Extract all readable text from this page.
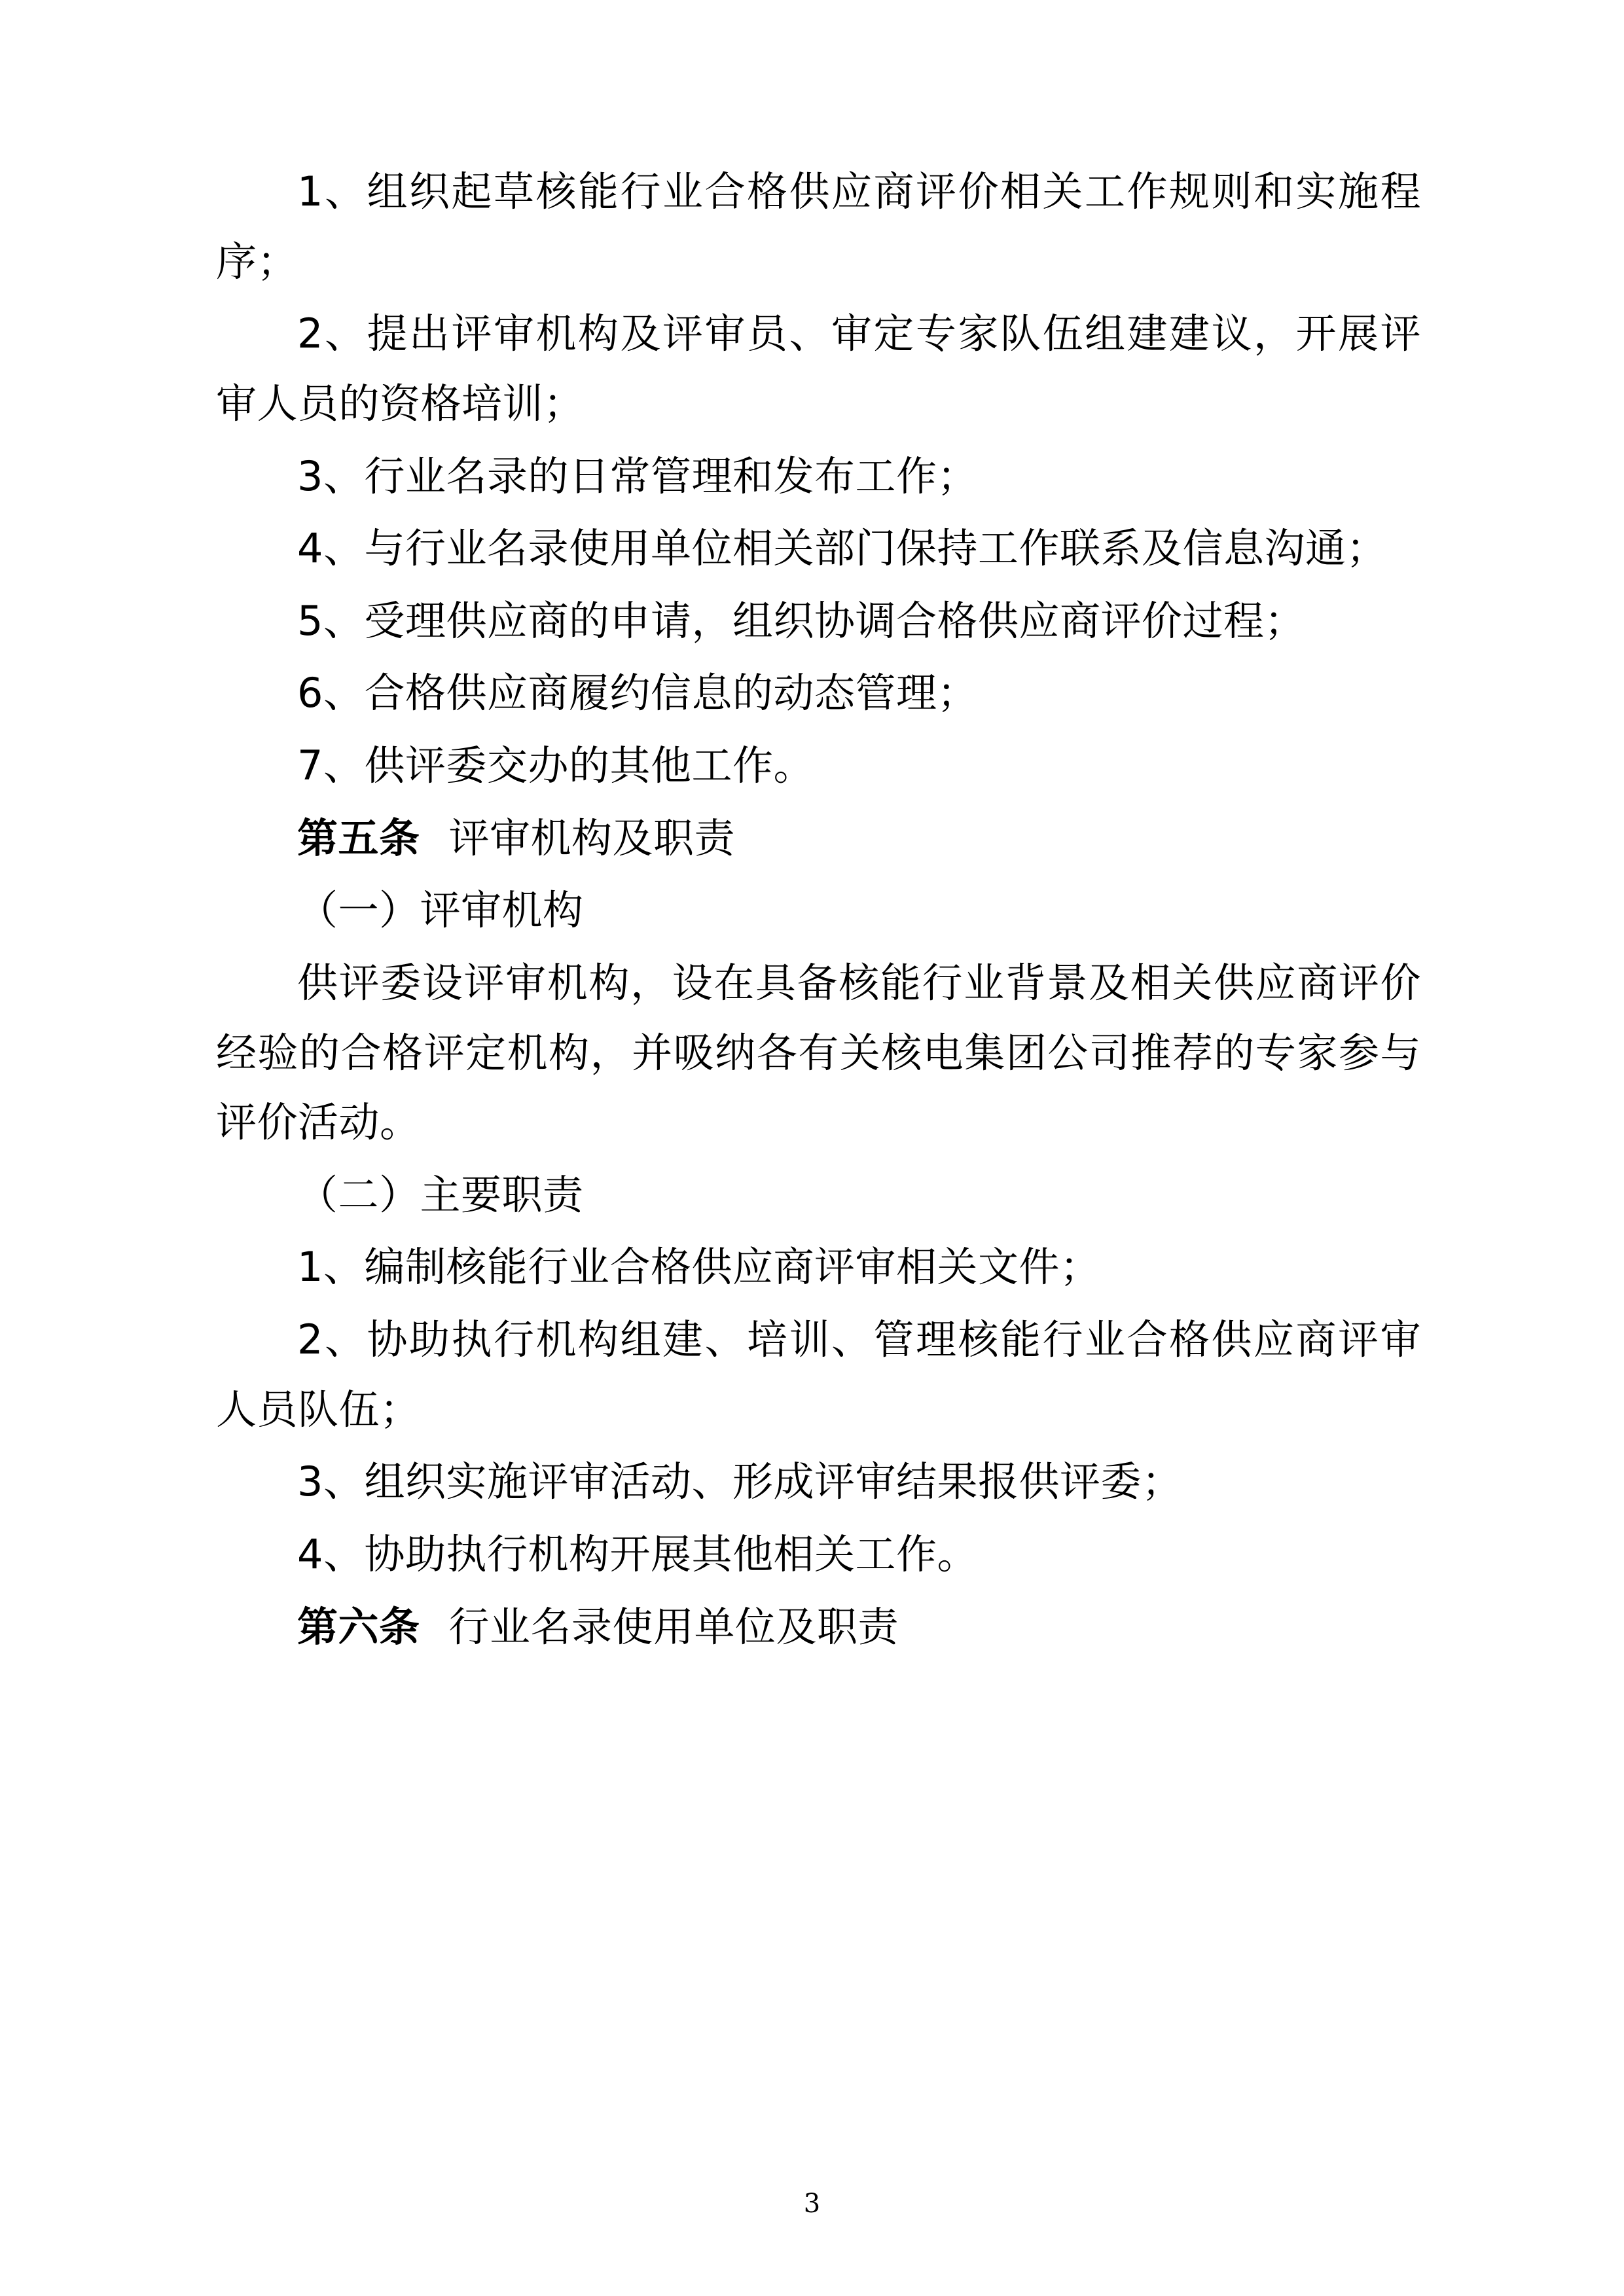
1、组织起草核能行业合格供应商评价相关工作规则和实施程序；

2、提出评审机构及评审员、审定专家队伍组建建议，开展评审人员的资格培训；

3、行业名录的日常管理和发布工作；

4、与行业名录使用单位相关部门保持工作联系及信息沟通；

5、受理供应商的申请，组织协调合格供应商评价过程；

6、合格供应商履约信息的动态管理；

7、供评委交办的其他工作。

第五条 评审机构及职责

（一）评审机构

供评委设评审机构，设在具备核能行业背景及相关供应商评价经验的合格评定机构，并吸纳各有关核电集团公司推荐的专家参与评价活动。

（二）主要职责

1、编制核能行业合格供应商评审相关文件；

2、协助执行机构组建、培训、管理核能行业合格供应商评审人员队伍；

3、组织实施评审活动、形成评审结果报供评委；

4、协助执行机构开展其他相关工作。

第六条 行业名录使用单位及职责

3
